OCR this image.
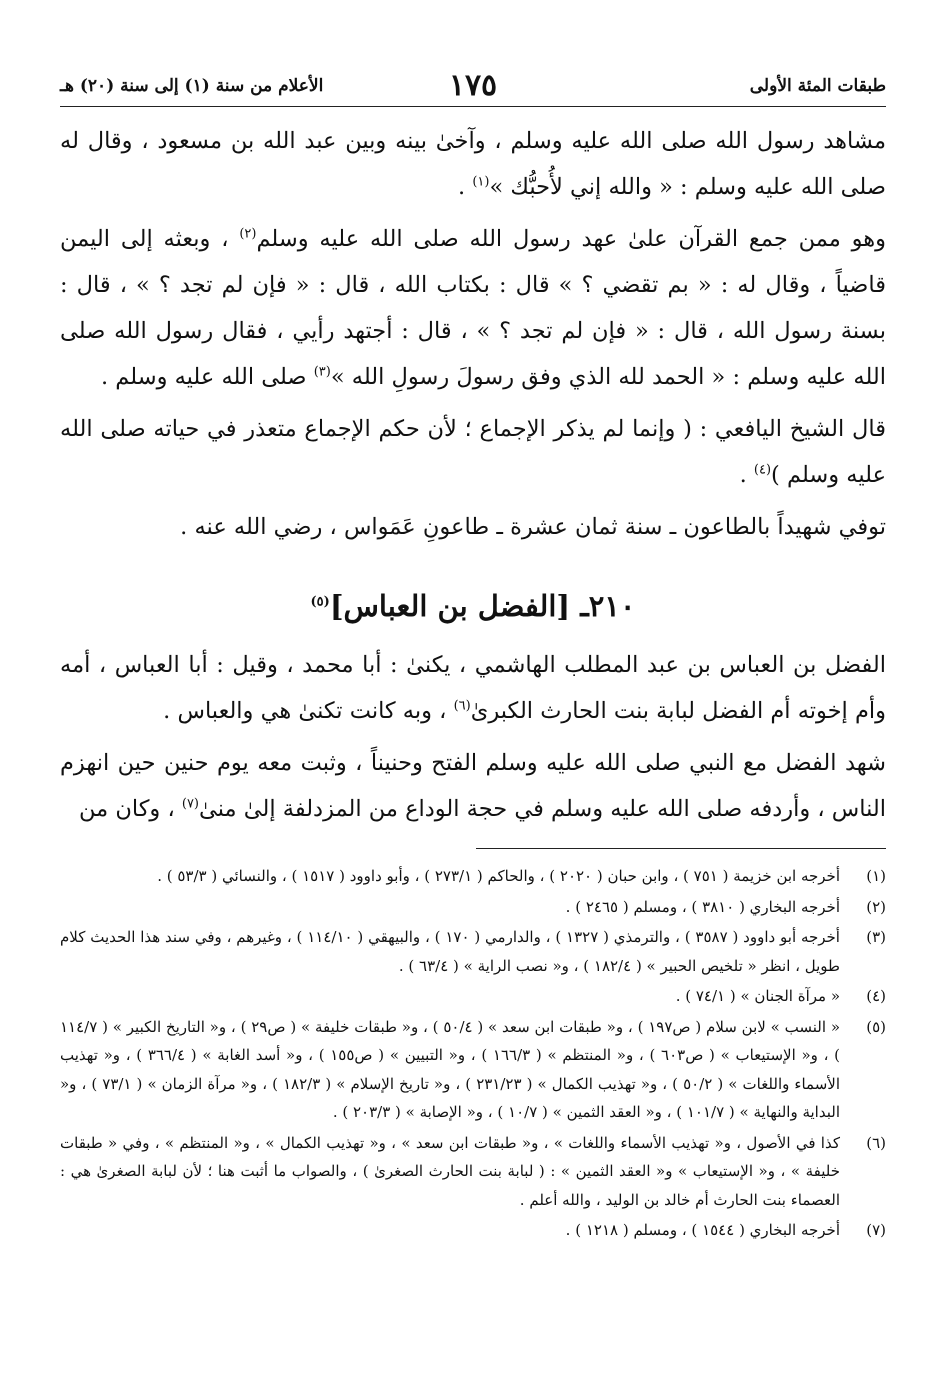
طبقات المئة الأولى
١٧٥
الأعلام من سنة (١) إلى سنة (٢٠) هـ

مشاهد رسول الله صلى الله عليه وسلم ، وآخىٰ بينه وبين عبد الله بن مسعود ، وقال له صلى الله عليه وسلم : « والله إني لأُحبُّك »$^{(١)}$ .

وهو ممن جمع القرآن علىٰ عهد رسول الله صلى الله عليه وسلم$^{(٢)}$ ، وبعثه إلى اليمن قاضياً ، وقال له : « بم تقضي ؟ » قال : بكتاب الله ، قال : « فإن لم تجد ؟ » ، قال : بسنة رسول الله ، قال : « فإن لم تجد ؟ » ، قال : أجتهد رأيي ، فقال رسول الله صلى الله عليه وسلم : « الحمد لله الذي وفق رسولَ رسولِ الله »$^{(٣)}$ صلى الله عليه وسلم .

قال الشيخ اليافعي : ( وإنما لم يذكر الإجماع ؛ لأن حكم الإجماع متعذر في حياته صلى الله عليه وسلم )$^{(٤)}$ .

توفي شهيداً بالطاعون ـ سنة ثمان عشرة ـ طاعونِ عَمَواس ، رضي الله عنه .

٢١٠ـ [الفضل بن العباس]$^{(٥)}$

الفضل بن العباس بن عبد المطلب الهاشمي ، يكنىٰ : أبا محمد ، وقيل : أبا العباس ، أمه وأم إخوته أم الفضل لبابة بنت الحارث الكبرىٰ$^{(٦)}$ ، وبه كانت تكنىٰ هي والعباس .

شهد الفضل مع النبي صلى الله عليه وسلم الفتح وحنيناً ، وثبت معه يوم حنين حين انهزم الناس ، وأردفه صلى الله عليه وسلم في حجة الوداع من المزدلفة إلىٰ منىٰ$^{(٧)}$ ، وكان من

(١)
أخرجه ابن خزيمة ( ٧٥١ ) ، وابن حبان ( ٢٠٢٠ ) ، والحاكم ( ٢٧٣/١ ) ، وأبو داوود ( ١٥١٧ ) ، والنسائي ( ٥٣/٣ ) .
(٢)
أخرجه البخاري ( ٣٨١٠ ) ، ومسلم ( ٢٤٦٥ ) .
(٣)
أخرجه أبو داوود ( ٣٥٨٧ ) ، والترمذي ( ١٣٢٧ ) ، والدارمي ( ١٧٠ ) ، والبيهقي ( ١١٤/١٠ ) ، وغيرهم ، وفي سند هذا الحديث كلام طويل ، انظر « تلخيص الحبير » ( ١٨٢/٤ ) ، و« نصب الراية » ( ٦٣/٤ ) .
(٤)
« مرآة الجنان » ( ٧٤/١ ) .
(٥)
« النسب » لابن سلام ( ص١٩٧ ) ، و« طبقات ابن سعد » ( ٥٠/٤ ) ، و« طبقات خليفة » ( ص٢٩ ) ، و« التاريخ الكبير » ( ١١٤/٧ ) ، و« الإستيعاب » ( ص٦٠٣ ) ، و« المنتظم » ( ١٦٦/٣ ) ، و« التبيين » ( ص١٥٥ ) ، و« أسد الغابة » ( ٣٦٦/٤ ) ، و« تهذيب الأسماء واللغات » ( ٥٠/٢ ) ، و« تهذيب الكمال » ( ٢٣١/٢٣ ) ، و« تاريخ الإسلام » ( ١٨٢/٣ ) ، و« مرآة الزمان » ( ٧٣/١ ) ، و« البداية والنهاية » ( ١٠١/٧ ) ، و« العقد الثمين » ( ١٠/٧ ) ، و« الإصابة » ( ٢٠٣/٣ ) .
(٦)
كذا في الأصول ، و« تهذيب الأسماء واللغات » ، و« طبقات ابن سعد » ، و« تهذيب الكمال » ، و« المنتظم » ، وفي « طبقات خليفة » ، و« الإستيعاب » و« العقد الثمين » : ( لبابة بنت الحارث الصغرىٰ ) ، والصواب ما أثبت هنا ؛ لأن لبابة الصغرىٰ هي : العصماء بنت الحارث أم خالد بن الوليد ، والله أعلم .
(٧)
أخرجه البخاري ( ١٥٤٤ ) ، ومسلم ( ١٢١٨ ) .
